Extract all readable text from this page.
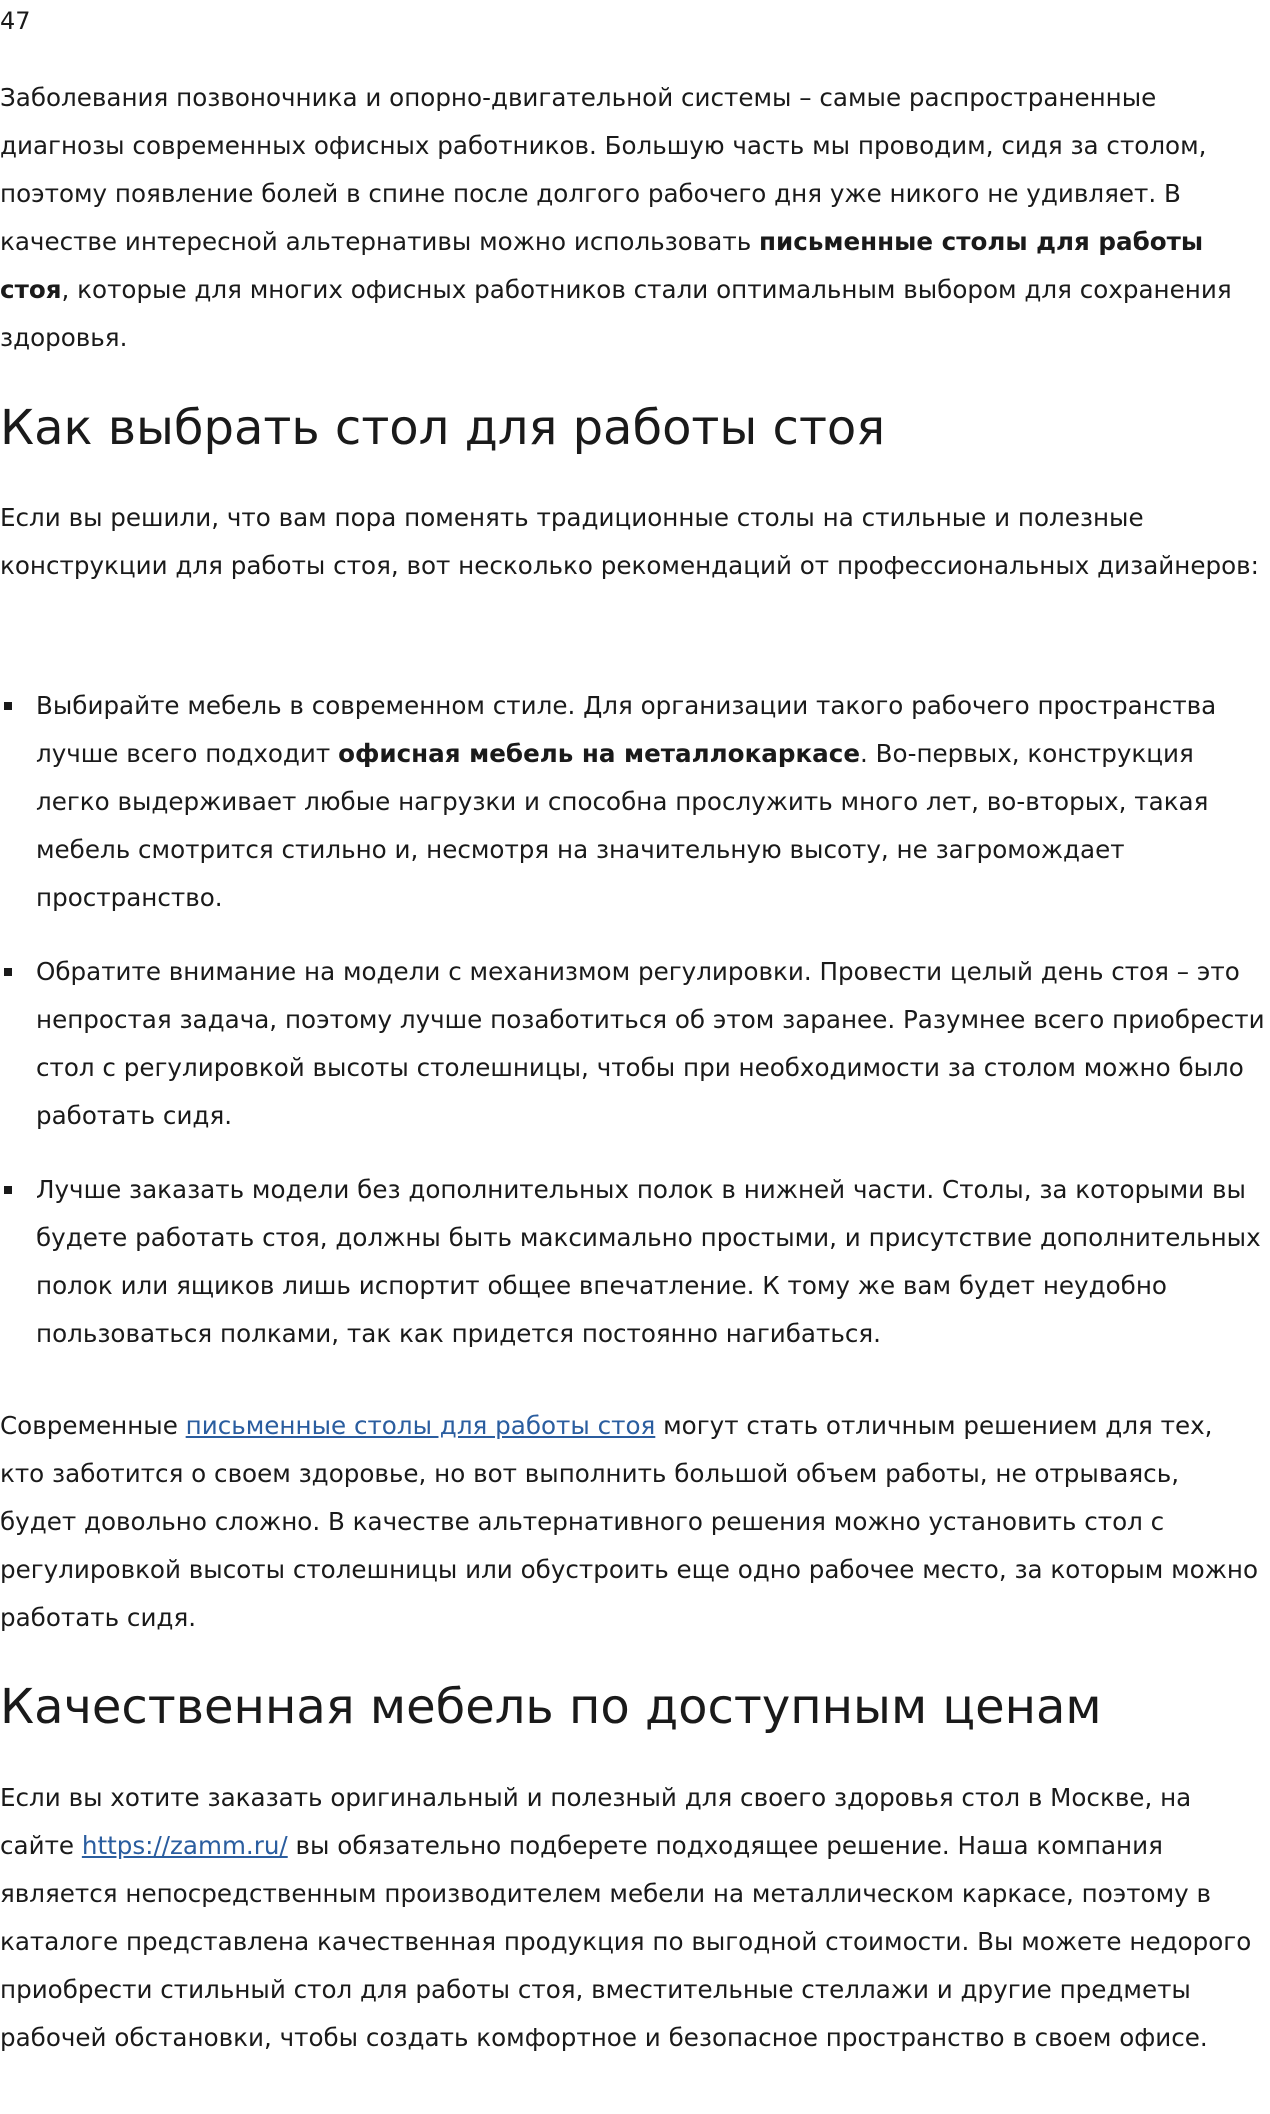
47

Заболевания позвоночника и опорно-двигательной системы – самые распространенные диагнозы современных офисных работников. Большую часть мы проводим, сидя за столом, поэтому появление болей в спине после долгого рабочего дня уже никого не удивляет. В качестве интересной альтернативы можно использовать письменные столы для работы стоя, которые для многих офисных работников стали оптимальным выбором для сохранения здоровья.

Как выбрать стол для работы стоя

Если вы решили, что вам пора поменять традиционные столы на стильные и полезные конструкции для работы стоя, вот несколько рекомендаций от профессиональных дизайнеров:

Выбирайте мебель в современном стиле. Для организации такого рабочего пространства лучше всего подходит офисная мебель на металлокаркасе. Во-первых, конструкция легко выдерживает любые нагрузки и способна прослужить много лет, во-вторых, такая мебель смотрится стильно и, несмотря на значительную высоту, не загромождает пространство.
Обратите внимание на модели с механизмом регулировки. Провести целый день стоя – это непростая задача, поэтому лучше позаботиться об этом заранее. Разумнее всего приобрести стол с регулировкой высоты столешницы, чтобы при необходимости за столом можно было работать сидя.
Лучше заказать модели без дополнительных полок в нижней части. Столы, за которыми вы будете работать стоя, должны быть максимально простыми, и присутствие дополнительных полок или ящиков лишь испортит общее впечатление. К тому же вам будет неудобно пользоваться полками, так как придется постоянно нагибаться.

Современные письменные столы для работы стоя могут стать отличным решением для тех, кто заботится о своем здоровье, но вот выполнить большой объем работы, не отрываясь, будет довольно сложно. В качестве альтернативного решения можно установить стол с регулировкой высоты столешницы или обустроить еще одно рабочее место, за которым можно работать сидя.

Качественная мебель по доступным ценам

Если вы хотите заказать оригинальный и полезный для своего здоровья стол в Москве, на сайте https://zamm.ru/ вы обязательно подберете подходящее решение. Наша компания является непосредственным производителем мебели на металлическом каркасе, поэтому в каталоге представлена качественная продукция по выгодной стоимости. Вы можете недорого приобрести стильный стол для работы стоя, вместительные стеллажи и другие предметы рабочей обстановки, чтобы создать комфортное и безопасное пространство в своем офисе.
